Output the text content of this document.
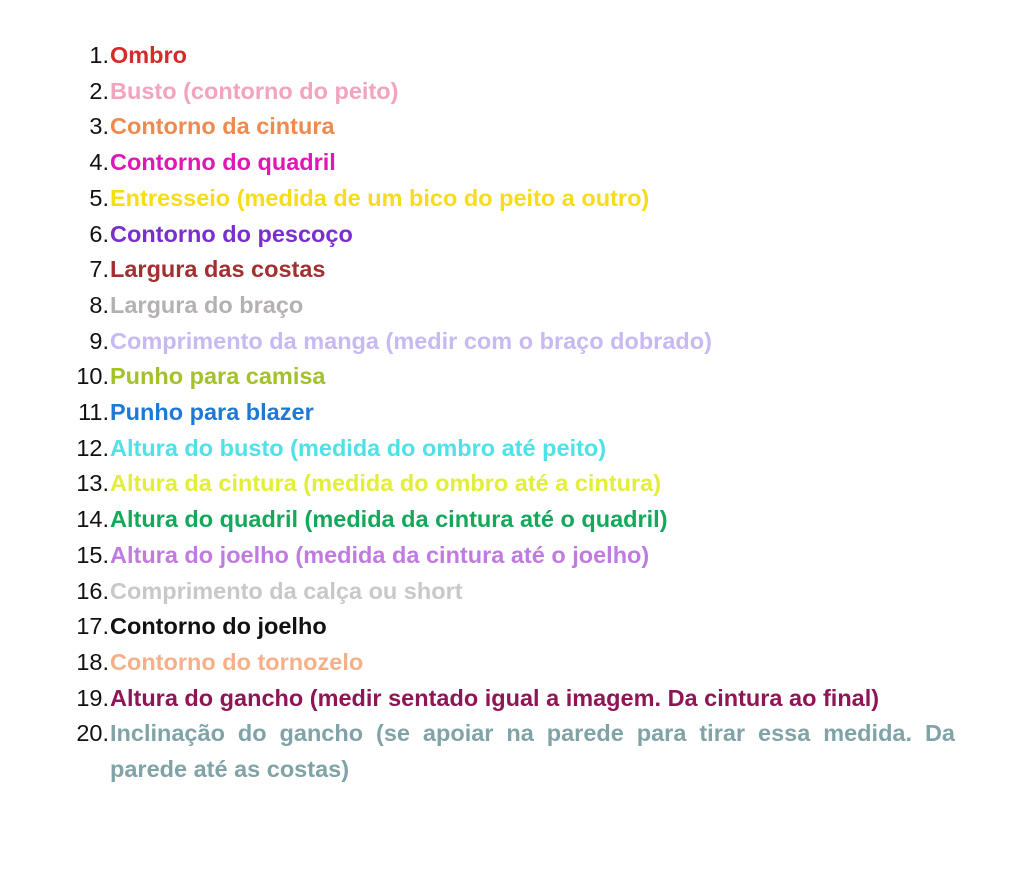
1. Ombro
2. Busto (contorno do peito)
3. Contorno da cintura
4. Contorno do quadril
5. Entresseio (medida de um bico do peito a outro)
6. Contorno do pescoço
7. Largura das costas
8. Largura do braço
9. Comprimento da manga (medir com o braço dobrado)
10. Punho para camisa
11. Punho para blazer
12. Altura do busto (medida do ombro até peito)
13. Altura da cintura (medida do ombro até a cintura)
14. Altura do quadril (medida da cintura até o quadril)
15. Altura do joelho (medida da cintura até o joelho)
16. Comprimento da calça ou short
17. Contorno do joelho
18. Contorno do tornozelo
19. Altura do gancho (medir sentado igual a imagem. Da cintura ao final)
20. Inclinação do gancho (se apoiar na parede para tirar essa medida. Da parede até as costas)
